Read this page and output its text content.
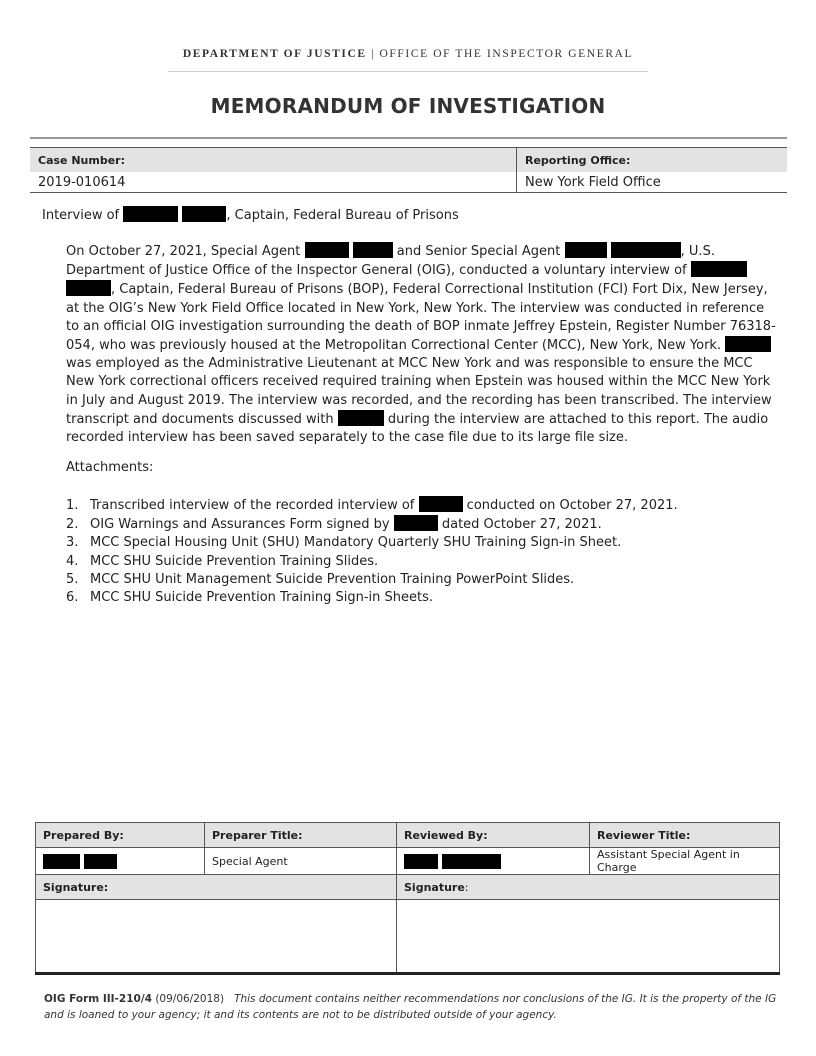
DEPARTMENT OF JUSTICE | OFFICE OF THE INSPECTOR GENERAL
MEMORANDUM OF INVESTIGATION
Case Number:	Reporting Office:
2019-010614	New York Field Office
Interview of	, Captain, Federal Bureau of Prisons
On October 27, 2021, Special Agent	and Senior Special Agent	, U.S. Department of Justice Office of the Inspector General (OIG), conducted a voluntary interview of  , Captain, Federal Bureau of Prisons (BOP), Federal Correctional Institution (FCI) Fort Dix, New Jersey, at the OIG’s New York Field Office located in New York, New York. The interview was conducted in reference to an official OIG investigation surrounding the death of BOP inmate Jeffrey Epstein, Register Number 76318-054, who was previously housed at the Metropolitan Correctional Center (MCC), New York, New York.  was employed as the Administrative Lieutenant at MCC New York and was responsible to ensure the MCC New York correctional officers received required training when Epstein was housed within the MCC New York in July and August 2019. The interview was recorded, and the recording has been transcribed. The interview transcript and documents discussed with	during the interview are attached to this report. The audio recorded interview has been saved separately to the case file due to its large file size.
Attachments:
1. Transcribed interview of the recorded interview of	conducted on October 27, 2021.
2. OIG Warnings and Assurances Form signed by	dated October 27, 2021.
3. MCC Special Housing Unit (SHU) Mandatory Quarterly SHU Training Sign-in Sheet.
4. MCC SHU Suicide Prevention Training Slides.
5. MCC SHU Unit Management Suicide Prevention Training PowerPoint Slides.
6. MCC SHU Suicide Prevention Training Sign-in Sheets.
Prepared By:	Preparer Title:	Reviewed By:	Reviewer Title:
	Special Agent		Assistant Special Agent in Charge
Signature:		Signature:	

OIG Form III-210/4 (09/06/2018) This document contains neither recommendations nor conclusions of the IG. It is the property of the IG and is loaned to your agency; it and its contents are not to be distributed outside of your agency.
